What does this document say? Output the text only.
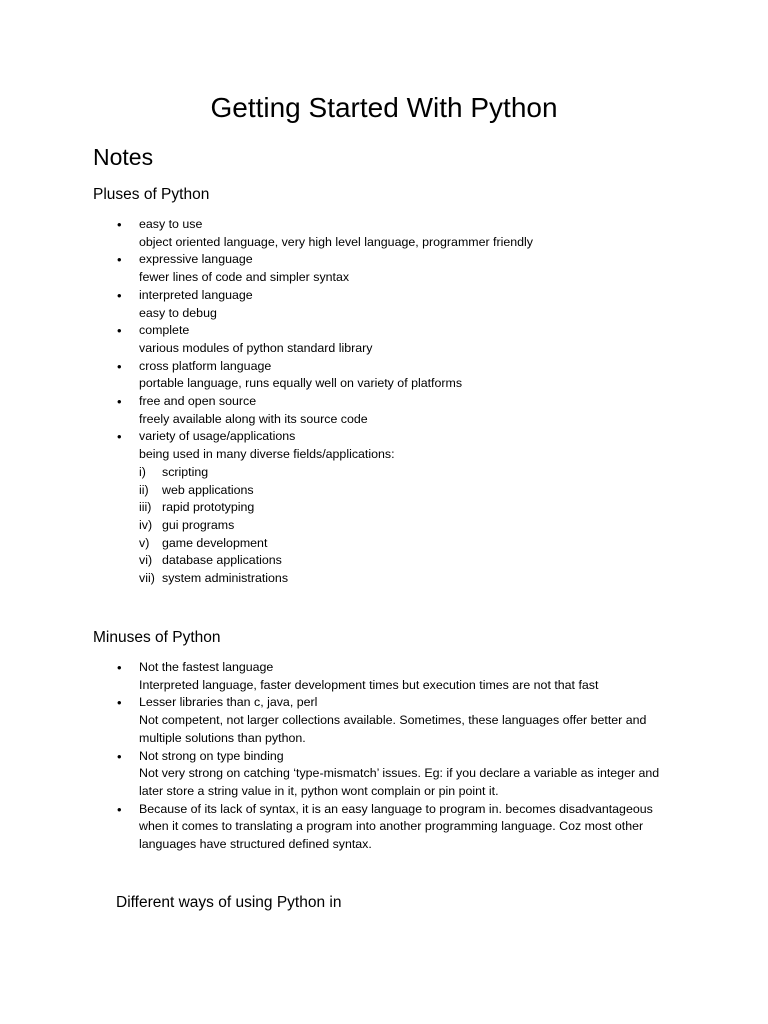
Getting Started With Python
Notes
Pluses of Python
• easy to use
object oriented language, very high level language, programmer friendly
• expressive language
fewer lines of code and simpler syntax
• interpreted language
easy to debug
• complete
various modules of python standard library
• cross platform language
portable language, runs equally well on variety of platforms
• free and open source
freely available along with its source code
• variety of usage/applications
being used in many diverse fields/applications:
i) scripting
ii) web applications
iii) rapid prototyping
iv) gui programs
v) game development
vi) database applications
vii) system administrations
Minuses of Python
• Not the fastest language
Interpreted language, faster development times but execution times are not that fast
• Lesser libraries than c, java, perl
Not competent, not larger collections available. Sometimes, these languages offer better and multiple solutions than python.
• Not strong on type binding
Not very strong on catching ‘type-mismatch’ issues. Eg: if you declare a variable as integer and later store a string value in it, python wont complain or pin point it.
• Because of its lack of syntax, it is an easy language to program in. becomes disadvantageous when it comes to translating a program into another programming language. Coz most other languages have structured defined syntax.
Different ways of using Python in
